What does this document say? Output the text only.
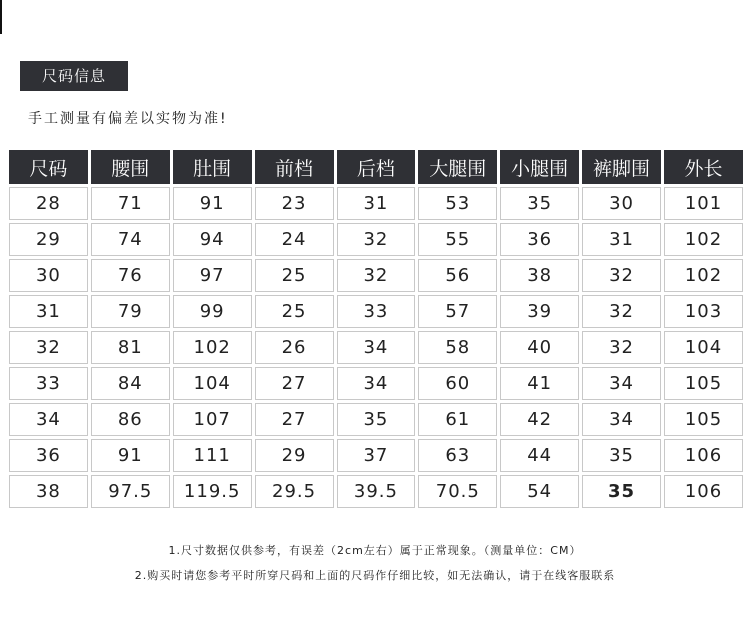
尺码信息
手工测量有偏差以实物为准!
尺码	腰围	肚围	前档	后档	大腿围	小腿围	裤脚围	外长
28	71	91	23	31	53	35	30	101
29	74	94	24	32	55	36	31	102
30	76	97	25	32	56	38	32	102
31	79	99	25	33	57	39	32	103
32	81	102	26	34	58	40	32	104
33	84	104	27	34	60	41	34	105
34	86	107	27	35	61	42	34	105
36	91	111	29	37	63	44	35	106
38	97.5	119.5	29.5	39.5	70.5	54	35	106
1.尺寸数据仅供参考，有误差（2cm左右）属于正常现象。（测量单位：CM）
2.购买时请您参考平时所穿尺码和上面的尺码作仔细比较，如无法确认，请于在线客服联系
